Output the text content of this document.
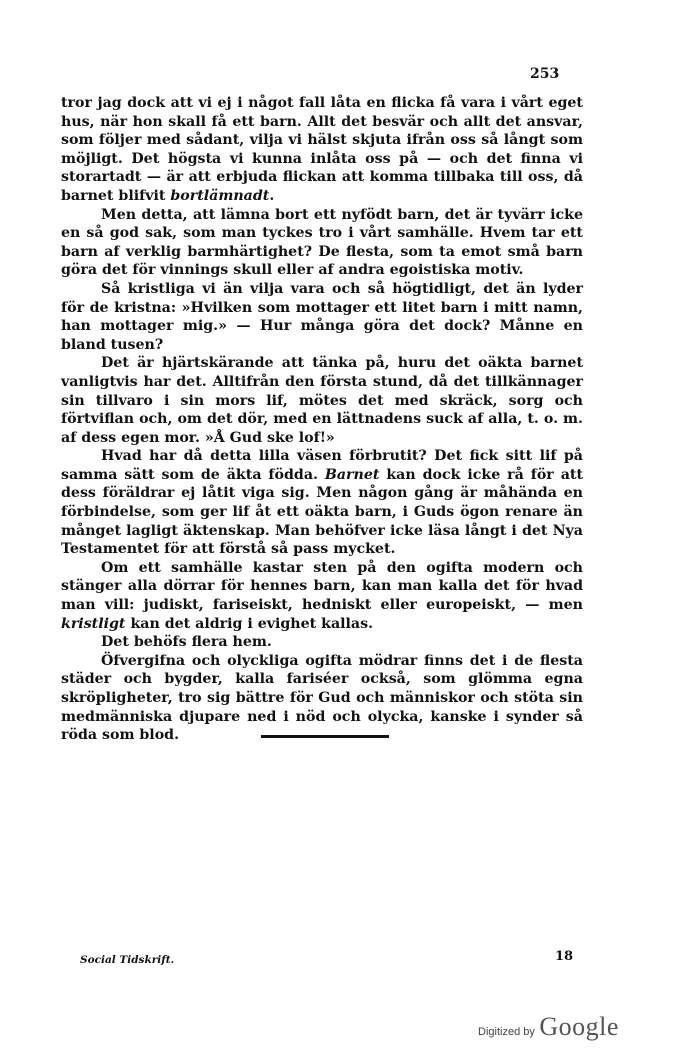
253

tror jag dock att vi ej i något fall låta en flicka få vara i vårt eget hus, när hon skall få ett barn. Allt det besvär och allt det ansvar, som följer med sådant, vilja vi hälst skjuta ifrån oss så långt som möjligt. Det högsta vi kunna inlåta oss på — och det finna vi storartadt — är att erbjuda flickan att komma tillbaka till oss, då barnet blifvit bortlämnadt.

Men detta, att lämna bort ett nyfödt barn, det är tyvärr icke en så god sak, som man tyckes tro i vårt samhälle. Hvem tar ett barn af verklig barmhärtighet? De flesta, som ta emot små barn göra det för vinnings skull eller af andra egoistiska motiv.

Så kristliga vi än vilja vara och så högtidligt, det än lyder för de kristna: »Hvilken som mottager ett litet barn i mitt namn, han mottager mig.» — Hur många göra det dock? Månne en bland tusen?

Det är hjärtskärande att tänka på, huru det oäkta barnet vanligtvis har det. Alltifrån den första stund, då det tillkännager sin tillvaro i sin mors lif, mötes det med skräck, sorg och förtviflan och, om det dör, med en lättnadens suck af alla, t. o. m. af dess egen mor. »Å Gud ske lof!»

Hvad har då detta lilla väsen förbrutit? Det fick sitt lif på samma sätt som de äkta födda. Barnet kan dock icke rå för att dess föräldrar ej låtit viga sig. Men någon gång är måhända en förbindelse, som ger lif åt ett oäkta barn, i Guds ögon renare än månget lagligt äktenskap. Man behöfver icke läsa långt i det Nya Testamentet för att förstå så pass mycket.

Om ett samhälle kastar sten på den ogifta modern och stänger alla dörrar för hennes barn, kan man kalla det för hvad man vill: judiskt, fariseiskt, hedniskt eller europeiskt, — men kristligt kan det aldrig i evighet kallas.

Det behöfs flera hem.

Öfvergifna och olyckliga ogifta mödrar finns det i de flesta städer och bygder, kalla fariséer också, som glömma egna skröpligheter, tro sig bättre för Gud och människor och stöta sin medmänniska djupare ned i nöd och olycka, kanske i synder så röda som blod.

Social Tidskrift.	18
Digitized by Google
